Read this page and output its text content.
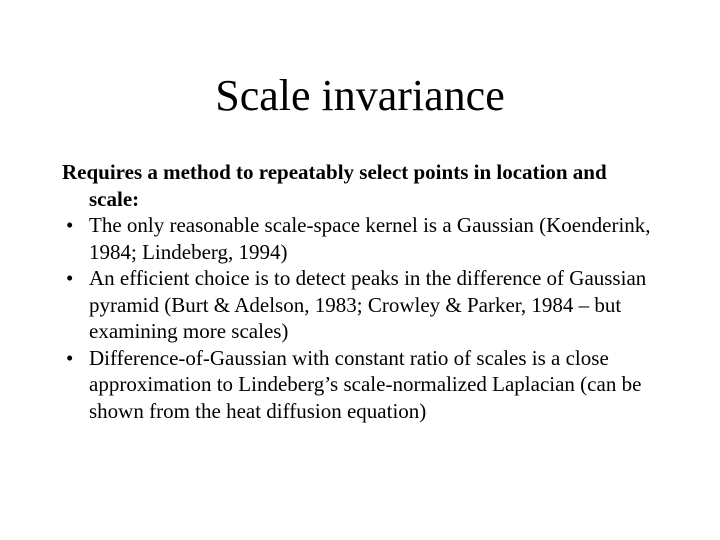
Scale invariance

Requires a method to repeatably select points in location and scale:

• The only reasonable scale-space kernel is a Gaussian (Koenderink, 1984; Lindeberg, 1994)
• An efficient choice is to detect peaks in the difference of Gaussian pyramid (Burt & Adelson, 1983; Crowley & Parker, 1984 – but examining more scales)
• Difference-of-Gaussian with constant ratio of scales is a close approximation to Lindeberg’s scale-normalized Laplacian (can be shown from the heat diffusion equation)
